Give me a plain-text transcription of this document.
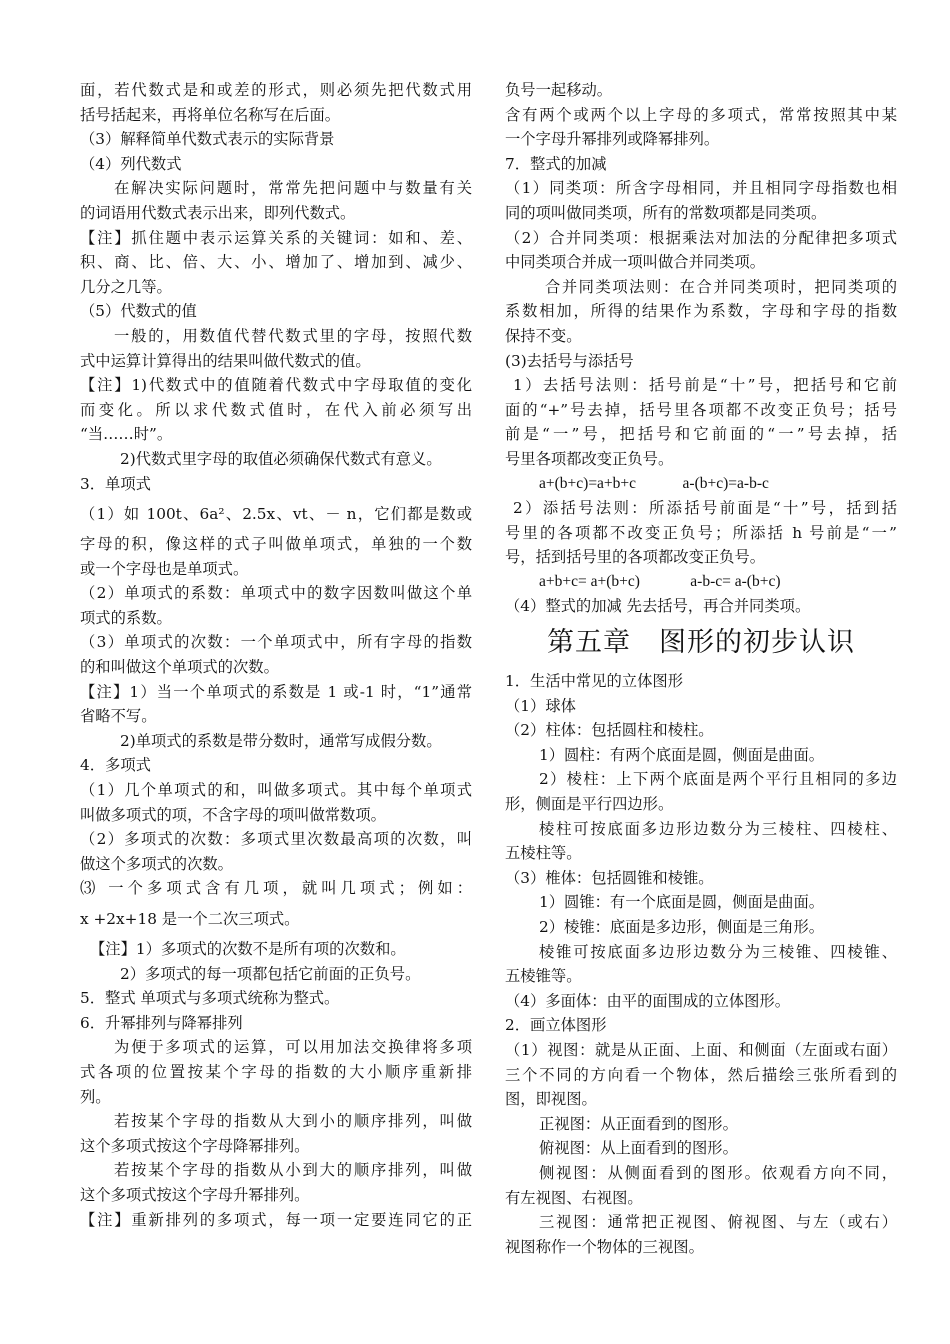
面，若代数式是和或差的形式，则必须先把代数式用
括号括起来，再将单位名称写在后面。
（3）解释简单代数式表示的实际背景
（4）列代数式
在解决实际问题时，常常先把问题中与数量有关
的词语用代数式表示出来，即列代数式。
【注】抓住题中表示运算关系的关键词：如和、差、
积、商、比、倍、大、小、增加了、增加到、减少、
几分之几等。
（5）代数式的值
一般的，用数值代替代数式里的字母，按照代数
式中运算计算得出的结果叫做代数式的值。
【注】1)代数式中的值随着代数式中字母取值的变化
而变化。所以求代数式值时，在代入前必须写出
“当……时”。
2)代数式里字母的取值必须确保代数式有意义。
3．单项式
（1）如 100t、6a²、2.5x、vt、－ n，它们都是数或
字母的积，像这样的式子叫做单项式，单独的一个数
或一个字母也是单项式。
（2）单项式的系数：单项式中的数字因数叫做这个单
项式的系数。
（3）单项式的次数：一个单项式中，所有字母的指数
的和叫做这个单项式的次数。
【注】1）当一个单项式的系数是 1 或-1 时，“1”通常
省略不写。
2)单项式的系数是带分数时，通常写成假分数。
4．多项式
（1）几个单项式的和，叫做多项式。其中每个单项式
叫做多项式的项，不含字母的项叫做常数项。
（2）多项式的次数：多项式里次数最高项的次数，叫
做这个多项式的次数。
⑶ 一个多项式含有几项，就叫几项式；例如：
x +2x+18 是一个二次三项式。
【注】1）多项式的次数不是所有项的次数和。
2）多项式的每一项都包括它前面的正负号。
5．整式 单项式与多项式统称为整式。
6．升幂排列与降幂排列
为便于多项式的运算，可以用加法交换律将多项
式各项的位置按某个字母的指数的大小顺序重新排
列。
若按某个字母的指数从大到小的顺序排列，叫做
这个多项式按这个字母降幂排列。
若按某个字母的指数从小到大的顺序排列，叫做
这个多项式按这个字母升幂排列。
【注】重新排列的多项式，每一项一定要连同它的正
负号一起移动。
含有两个或两个以上字母的多项式，常常按照其中某
一个字母升幂排列或降幂排列。
7．整式的加减
（1）同类项：所含字母相同，并且相同字母指数也相
同的项叫做同类项，所有的常数项都是同类项。
（2）合并同类项：根据乘法对加法的分配律把多项式
中同类项合并成一项叫做合并同类项。
合并同类项法则：在合并同类项时，把同类项的
系数相加，所得的结果作为系数，字母和字母的指数
保持不变。
(3)去括号与添括号
1）去括号法则：括号前是“十”号，把括号和它前
面的“+”号去掉，括号里各项都不改变正负号；括号
前是“一”号，把括号和它前面的“一”号去掉，括
号里各项都改变正负号。
a+(b+c)=a+b+c            a-(b+c)=a-b-c
2）添括号法则：所添括号前面是“十”号，括到括
号里的各项都不改变正负号；所添括 h 号前是“一”
号，括到括号里的各项都改变正负号。
a+b+c= a+(b+c)             a-b-c= a-(b+c)
（4）整式的加减 先去括号，再合并同类项。
第五章 图形的初步认识
1．生活中常见的立体图形
（1）球体
（2）柱体：包括圆柱和棱柱。
1）圆柱：有两个底面是圆，侧面是曲面。
2）棱柱：上下两个底面是两个平行且相同的多边
形，侧面是平行四边形。
棱柱可按底面多边形边数分为三棱柱、四棱柱、
五棱柱等。
（3）椎体：包括圆锥和棱锥。
1）圆锥：有一个底面是圆，侧面是曲面。
2）棱锥：底面是多边形，侧面是三角形。
棱锥可按底面多边形边数分为三棱锥、四棱锥、
五棱锥等。
（4）多面体：由平的面围成的立体图形。
2．画立体图形
（1）视图：就是从正面、上面、和侧面（左面或右面）
三个不同的方向看一个物体，然后描绘三张所看到的
图，即视图。
正视图：从正面看到的图形。
俯视图：从上面看到的图形。
侧视图：从侧面看到的图形。依观看方向不同，
有左视图、右视图。
三视图：通常把正视图、俯视图、与左（或右）
视图称作一个物体的三视图。
